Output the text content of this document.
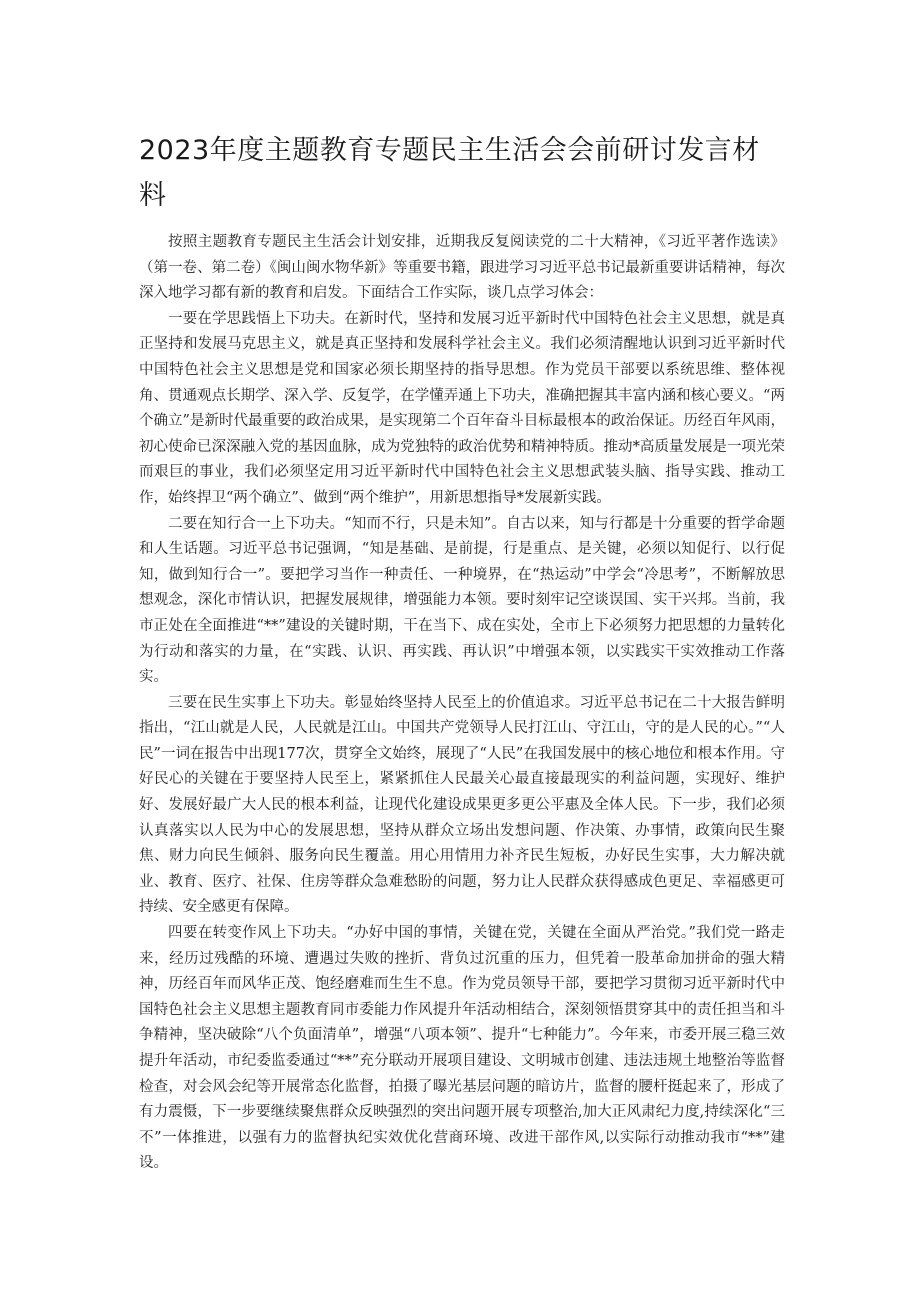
2023年度主题教育专题民主生活会会前研讨发言材料

按照主题教育专题民主生活会计划安排，近期我反复阅读党的二十大精神，《习近平著作选读》（第一卷、第二卷）《闽山闽水物华新》等重要书籍，跟进学习习近平总书记最新重要讲话精神，每次深入地学习都有新的教育和启发。下面结合工作实际，谈几点学习体会：

一要在学思践悟上下功夫。在新时代，坚持和发展习近平新时代中国特色社会主义思想，就是真正坚持和发展马克思主义，就是真正坚持和发展科学社会主义。我们必须清醒地认识到习近平新时代中国特色社会主义思想是党和国家必须长期坚持的指导思想。作为党员干部要以系统思维、整体视角、贯通观点长期学、深入学、反复学，在学懂弄通上下功夫，准确把握其丰富内涵和核心要义。“两个确立”是新时代最重要的政治成果，是实现第二个百年奋斗目标最根本的政治保证。历经百年风雨，初心使命已深深融入党的基因血脉，成为党独特的政治优势和精神特质。推动*高质量发展是一项光荣而艰巨的事业，我们必须坚定用习近平新时代中国特色社会主义思想武装头脑、指导实践、推动工作，始终捍卫“两个确立”、做到“两个维护”，用新思想指导*发展新实践。

二要在知行合一上下功夫。“知而不行，只是未知”。自古以来，知与行都是十分重要的哲学命题和人生话题。习近平总书记强调，“知是基础、是前提，行是重点、是关键，必须以知促行、以行促知，做到知行合一”。要把学习当作一种责任、一种境界，在“热运动”中学会“冷思考”，不断解放思想观念，深化市情认识，把握发展规律，增强能力本领。要时刻牢记空谈误国、实干兴邦。当前，我市正处在全面推进“**”建设的关键时期，干在当下、成在实处，全市上下必须努力把思想的力量转化为行动和落实的力量，在“实践、认识、再实践、再认识”中增强本领，以实践实干实效推动工作落实。

三要在民生实事上下功夫。彰显始终坚持人民至上的价值追求。习近平总书记在二十大报告鲜明指出，“江山就是人民，人民就是江山。中国共产党领导人民打江山、守江山，守的是人民的心。”“人民”一词在报告中出现177次，贯穿全文始终，展现了“人民”在我国发展中的核心地位和根本作用。守好民心的关键在于要坚持人民至上，紧紧抓住人民最关心最直接最现实的利益问题，实现好、维护好、发展好最广大人民的根本利益，让现代化建设成果更多更公平惠及全体人民。下一步，我们必须认真落实以人民为中心的发展思想，坚持从群众立场出发想问题、作决策、办事情，政策向民生聚焦、财力向民生倾斜、服务向民生覆盖。用心用情用力补齐民生短板，办好民生实事，大力解决就业、教育、医疗、社保、住房等群众急难愁盼的问题，努力让人民群众获得感成色更足、幸福感更可持续、安全感更有保障。

四要在转变作风上下功夫。“办好中国的事情，关键在党，关键在全面从严治党。”我们党一路走来，经历过残酷的环境、遭遇过失败的挫折、背负过沉重的压力，但凭着一股革命加拼命的强大精神，历经百年而风华正茂、饱经磨难而生生不息。作为党员领导干部，要把学习贯彻习近平新时代中国特色社会主义思想主题教育同市委能力作风提升年活动相结合，深刻领悟贯穿其中的责任担当和斗争精神，坚决破除“八个负面清单”，增强“八项本领”、提升“七种能力”。今年来，市委开展三稳三效提升年活动，市纪委监委通过“**”充分联动开展项目建设、文明城市创建、违法违规土地整治等监督检查，对会风会纪等开展常态化监督，拍摄了曝光基层问题的暗访片，监督的腰杆挺起来了，形成了有力震慑，下一步要继续聚焦群众反映强烈的突出问题开展专项整治,加大正风肃纪力度,持续深化“三不”一体推进，以强有力的监督执纪实效优化营商环境、改进干部作风,以实际行动推动我市“**”建设。
